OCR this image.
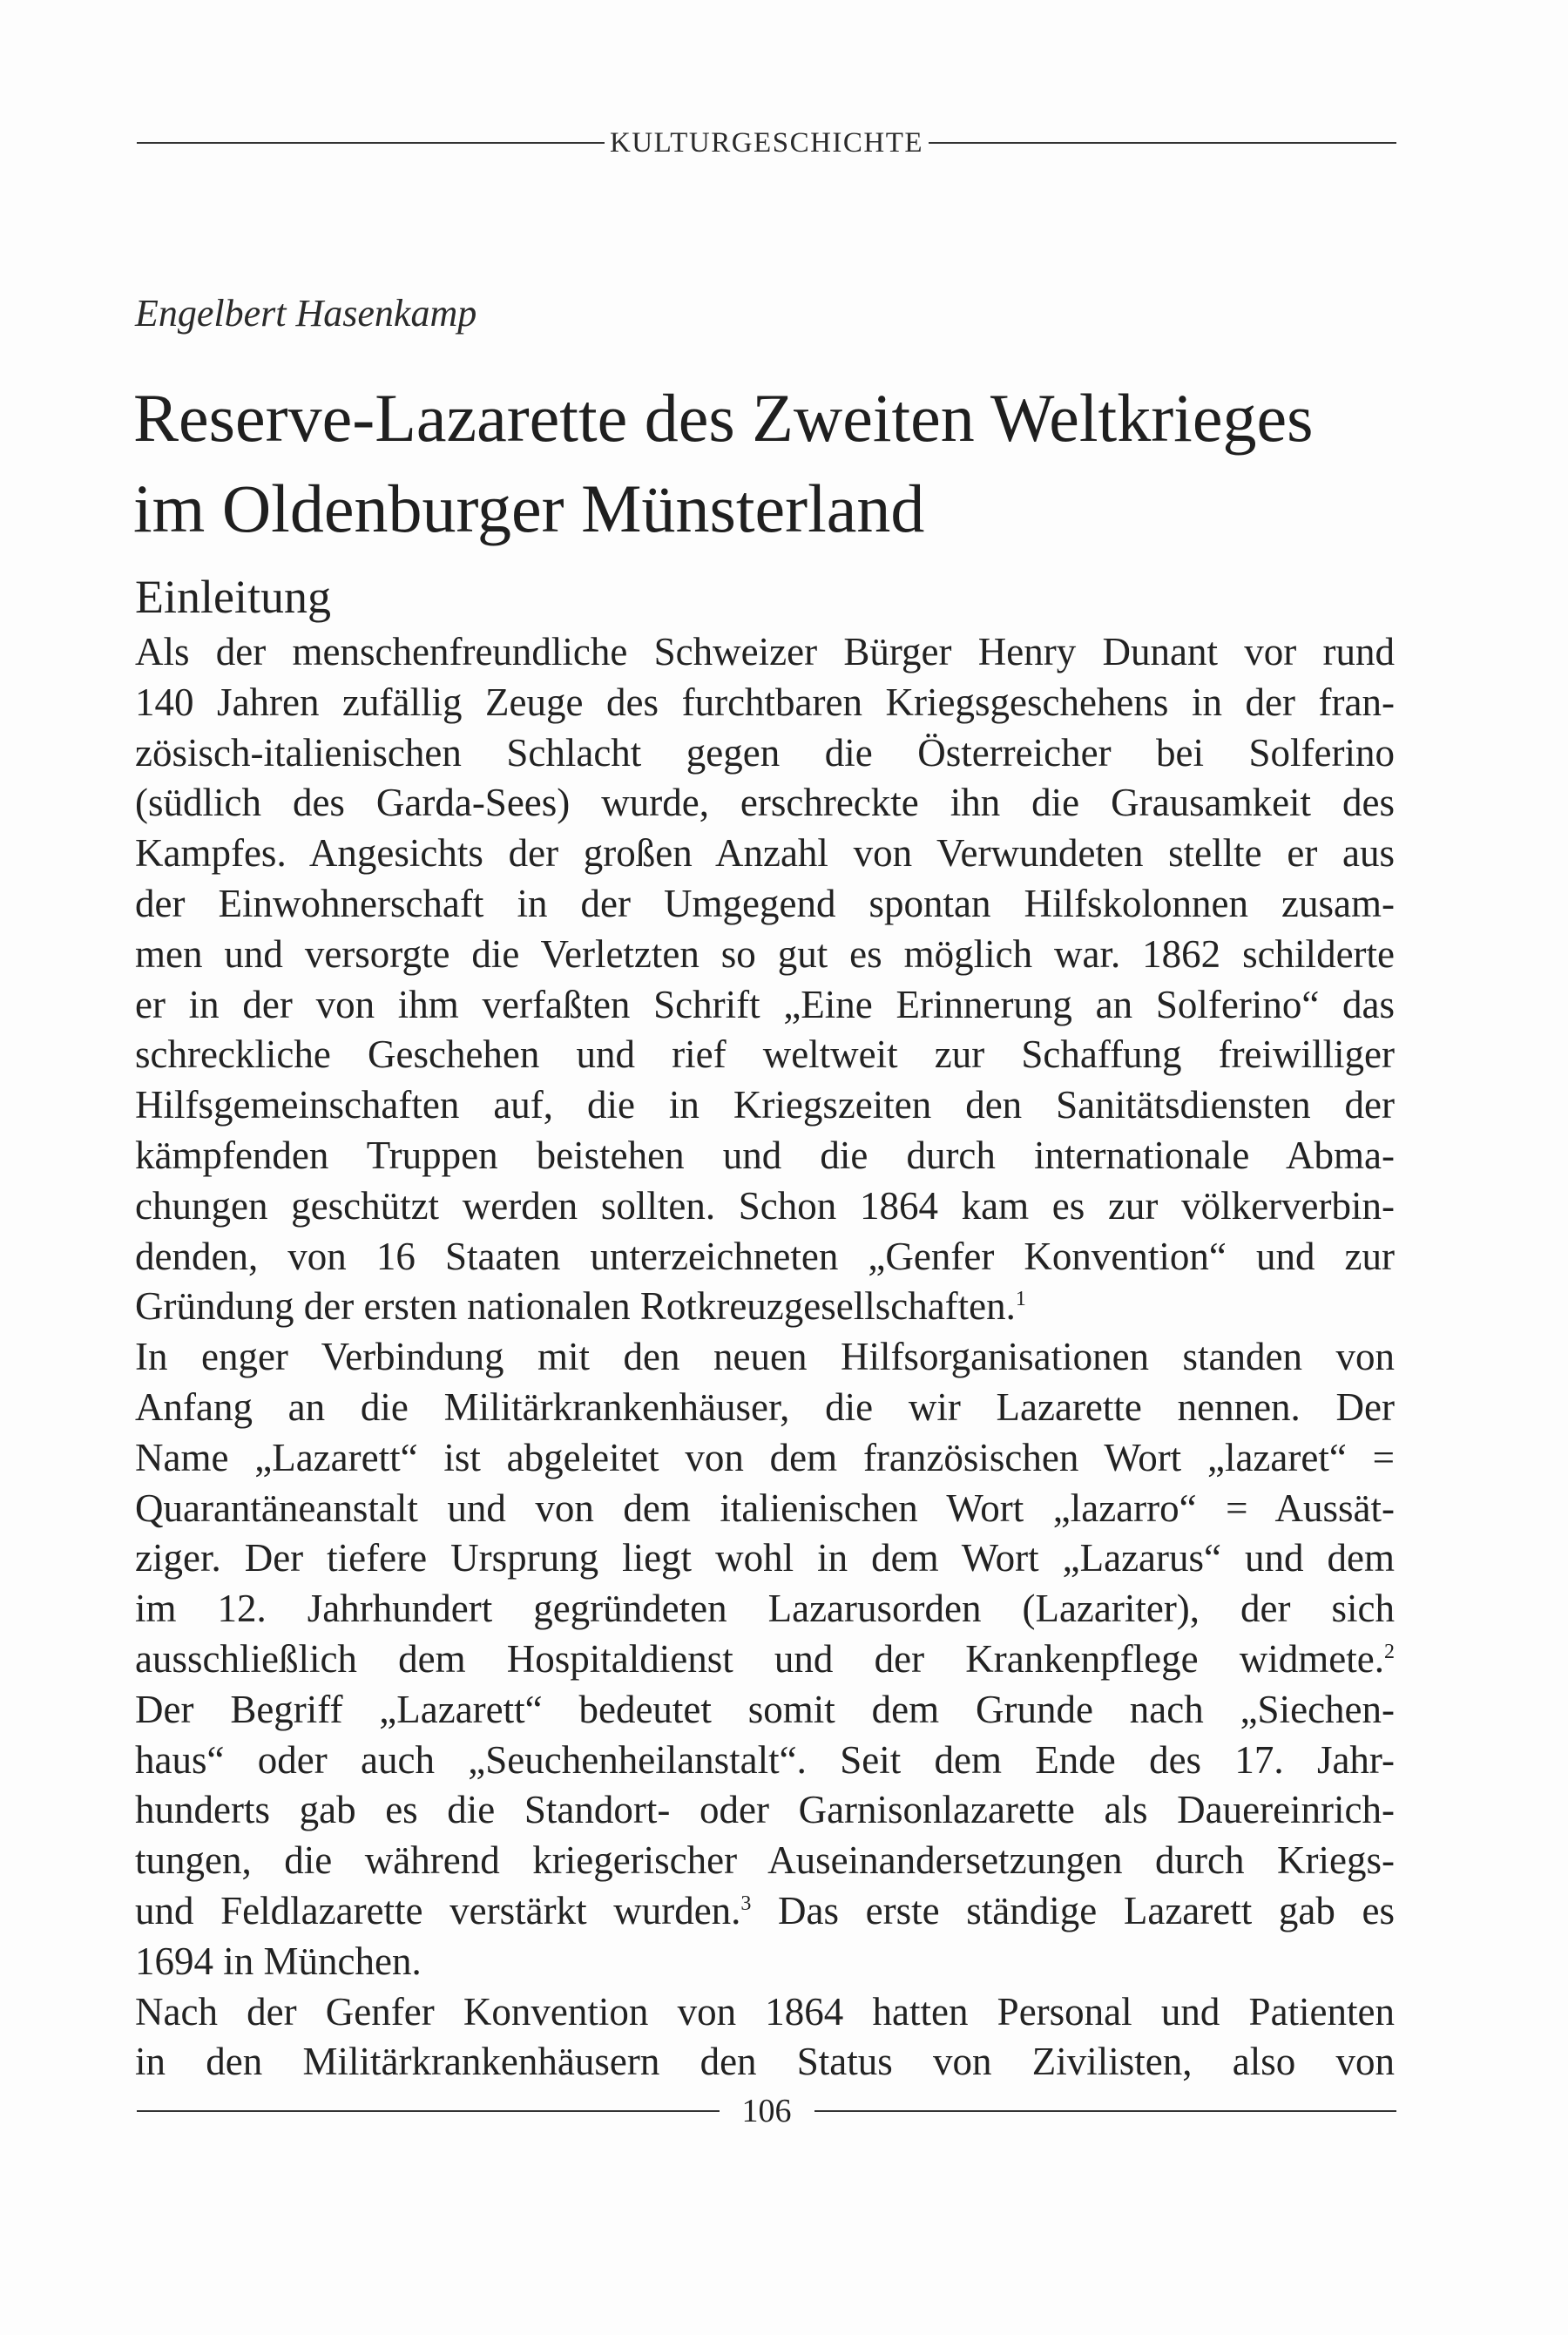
KULTURGESCHICHTE
Engelbert Hasenkamp
Reserve-Lazarette des Zweiten Weltkrieges
im Oldenburger Münsterland
Einleitung
Als der menschenfreundliche Schweizer Bürger Henry Dunant vor rund
140 Jahren zufällig Zeuge des furchtbaren Kriegsgeschehens in der fran-
zösisch-italienischen Schlacht gegen die Österreicher bei Solferino
(südlich des Garda-Sees) wurde, erschreckte ihn die Grausamkeit des
Kampfes. Angesichts der großen Anzahl von Verwundeten stellte er aus
der Einwohnerschaft in der Umgegend spontan Hilfskolonnen zusam-
men und versorgte die Verletzten so gut es möglich war. 1862 schilderte
er in der von ihm verfaßten Schrift „Eine Erinnerung an Solferino“ das
schreckliche Geschehen und rief weltweit zur Schaffung freiwilliger
Hilfsgemeinschaften auf, die in Kriegszeiten den Sanitätsdiensten der
kämpfenden Truppen beistehen und die durch internationale Abma-
chungen geschützt werden sollten. Schon 1864 kam es zur völkerverbin-
denden, von 16 Staaten unterzeichneten „Genfer Konvention“ und zur
Gründung der ersten nationalen Rotkreuzgesellschaften.$^1$
In enger Verbindung mit den neuen Hilfsorganisationen standen von
Anfang an die Militärkrankenhäuser, die wir Lazarette nennen. Der
Name „Lazarett“ ist abgeleitet von dem französischen Wort „lazaret“ =
Quarantäneanstalt und von dem italienischen Wort „lazarro“ = Aussät-
ziger. Der tiefere Ursprung liegt wohl in dem Wort „Lazarus“ und dem
im 12. Jahrhundert gegründeten Lazarusorden (Lazariter), der sich
ausschließlich dem Hospitaldienst und der Krankenpflege widmete.$^2$
Der Begriff „Lazarett“ bedeutet somit dem Grunde nach „Siechen-
haus“ oder auch „Seuchenheilanstalt“. Seit dem Ende des 17. Jahr-
hunderts gab es die Standort- oder Garnisonlazarette als Dauereinrich-
tungen, die während kriegerischer Auseinandersetzungen durch Kriegs-
und Feldlazarette verstärkt wurden.$^3$ Das erste ständige Lazarett gab es
1694 in München.
Nach der Genfer Konvention von 1864 hatten Personal und Patienten
in den Militärkrankenhäusern den Status von Zivilisten, also von
106
